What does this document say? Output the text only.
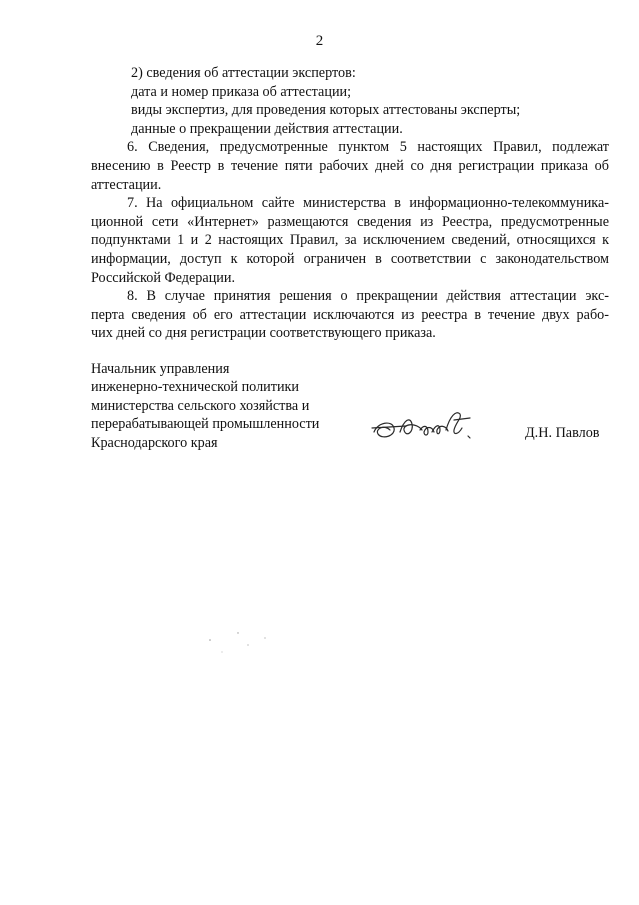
2
2) сведения об аттестации экспертов:
дата и номер приказа об аттестации;
виды экспертиз, для проведения которых аттестованы эксперты;
данные о прекращении действия аттестации.
6. Сведения, предусмотренные пунктом 5 настоящих Правил, подлежат
внесению в Реестр в течение пяти рабочих дней со дня регистрации приказа об
аттестации.
7. На официальном сайте министерства в информационно-телекоммуника-
ционной сети «Интернет» размещаются сведения из Реестра, предусмотренные
подпунктами 1 и 2 настоящих Правил, за исключением сведений, относящихся к
информации, доступ к которой ограничен в соответствии с законодательством
Российской Федерации.
8. В случае принятия решения о прекращении действия аттестации экс-
перта сведения об его аттестации исключаются из реестра в течение двух рабо-
чих дней со дня регистрации соответствующего приказа.
Начальник управления
инженерно-технической политики
министерства сельского хозяйства и
перерабатывающей промышленности
Краснодарского края
Д.Н. Павлов
